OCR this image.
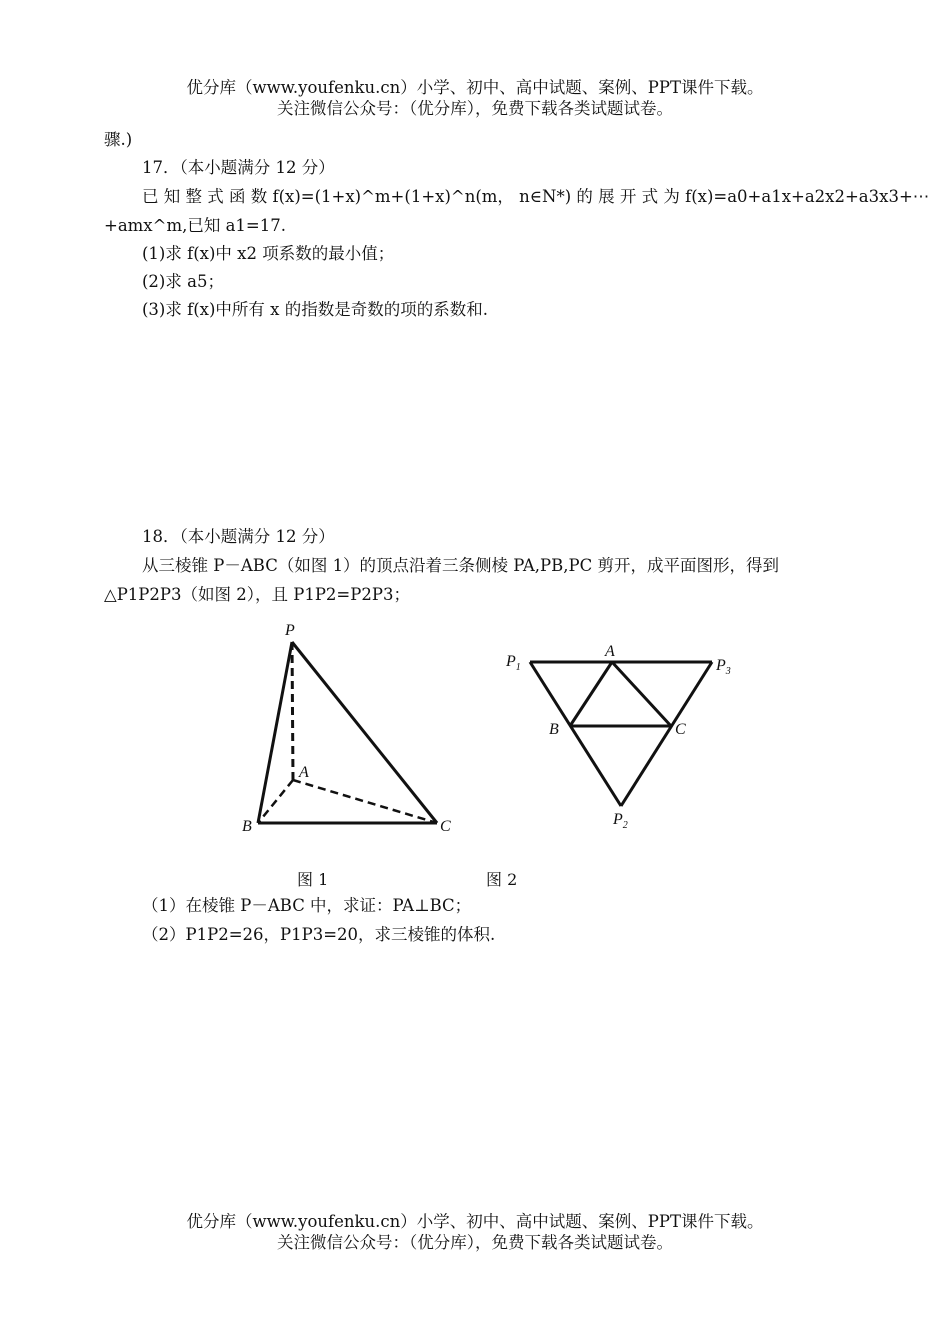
优分库（www.youfenku.cn）小学、初中、高中试题、案例、PPT课件下载。
关注微信公众号：（优分库），免费下载各类试题试卷。
骤.)
17．（本小题满分 12 分）
已 知 整 式 函 数 f(x)=(1+x)^m+(1+x)^n(m， n∈N*) 的 展 开 式 为 f(x)=a0+a1x+a2x2+a3x3+⋯
+amx^m,已知 a1=17.
(1)求 f(x)中 x2 项系数的最小值；
(2)求 a5；
(3)求 f(x)中所有 x 的指数是奇数的项的系数和.
18．（本小题满分 12 分）
从三棱锥 P－ABC（如图 1）的顶点沿着三条侧棱 PA,PB,PC 剪开，成平面图形，得到
△P1P2P3（如图 2），且 P1P2=P2P3；
P
A
B	C
$P_1$	$P_3$
A
B	C
$P_2$
图 1	图 2
（1）在棱锥 P－ABC 中，求证：PA⊥BC；
（2）P1P2=26，P1P3=20，求三棱锥的体积.
优分库（www.youfenku.cn）小学、初中、高中试题、案例、PPT课件下载。
关注微信公众号：（优分库），免费下载各类试题试卷。
